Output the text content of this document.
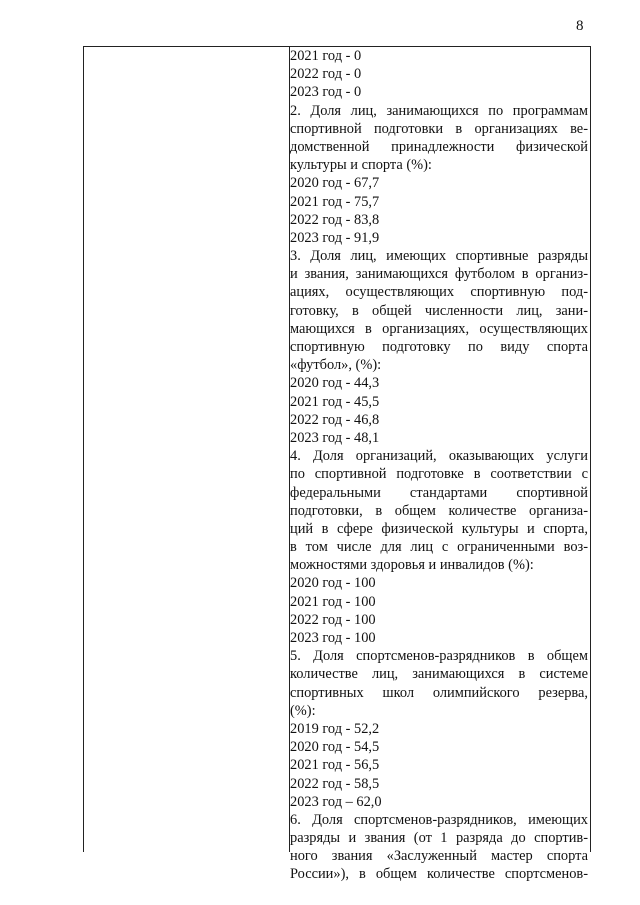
8
2021 год - 0
2022 год - 0
2023 год - 0
2. Доля лиц, занимающихся по программам
спортивной подготовки в организациях ве-
домственной принадлежности физической
культуры и спорта (%):
2020 год - 67,7
2021 год - 75,7
2022 год - 83,8
2023 год - 91,9
3. Доля лиц, имеющих спортивные разряды
и звания, занимающихся футболом в организ-
ациях, осуществляющих спортивную под-
готовку, в общей численности лиц, зани-
мающихся в организациях, осуществляющих
спортивную подготовку по виду спорта
«футбол», (%):
2020 год - 44,3
2021 год - 45,5
2022 год - 46,8
2023 год - 48,1
4. Доля организаций, оказывающих услуги
по спортивной подготовке в соответствии с
федеральными стандартами спортивной
подготовки, в общем количестве организа-
ций в сфере физической культуры и спорта,
в том числе для лиц с ограниченными воз-
можностями здоровья и инвалидов (%):
2020 год - 100
2021 год - 100
2022 год - 100
2023 год - 100
5. Доля спортсменов-разрядников в общем
количестве лиц, занимающихся в системе
спортивных школ олимпийского резерва,
(%):
2019 год - 52,2
2020 год - 54,5
2021 год - 56,5
2022 год - 58,5
2023 год – 62,0
6. Доля спортсменов-разрядников, имеющих
разряды и звания (от 1 разряда до спортив-
ного звания «Заслуженный мастер спорта
России»), в общем количестве спортсменов-
